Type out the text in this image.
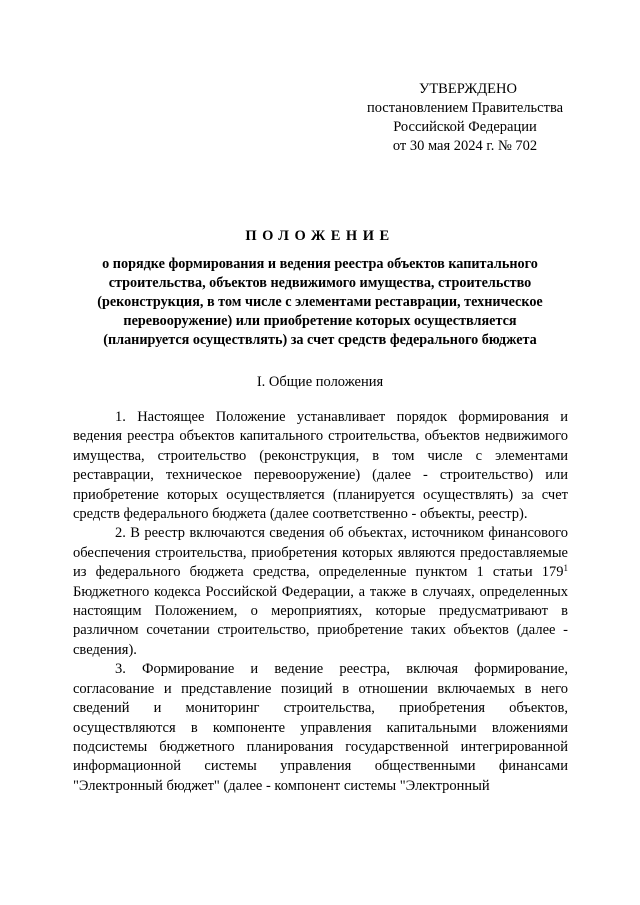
УТВЕРЖДЕНО
постановлением Правительства
Российской Федерации
от 30 мая 2024 г. № 702
ПОЛОЖЕНИЕ
о порядке формирования и ведения реестра объектов капитального
строительства, объектов недвижимого имущества, строительство
(реконструкция, в том числе с элементами реставрации, техническое
перевооружение) или приобретение которых осуществляется
(планируется осуществлять) за счет средств федерального бюджета
I. Общие положения

1. Настоящее Положение устанавливает порядок формирования и ведения реестра объектов капитального строительства, объектов недвижимого имущества, строительство (реконструкция, в том числе с элементами реставрации, техническое перевооружение) (далее - строительство) или приобретение которых осуществляется (планируется осуществлять) за счет средств федерального бюджета (далее соответственно - объекты, реестр).

2. В реестр включаются сведения об объектах, источником финансового обеспечения строительства, приобретения которых являются предоставляемые из федерального бюджета средства, определенные пунктом 1 статьи $179^1$ Бюджетного кодекса Российской Федерации, а также в случаях, определенных настоящим Положением, о мероприятиях, которые предусматривают в различном сочетании строительство, приобретение таких объектов (далее - сведения).

3. Формирование и ведение реестра, включая формирование, согласование и представление позиций в отношении включаемых в него сведений и мониторинг строительства, приобретения объектов, осуществляются в компоненте управления капитальными вложениями подсистемы бюджетного планирования государственной интегрированной информационной системы управления общественными финансами "Электронный бюджет" (далее - компонент системы "Электронный
